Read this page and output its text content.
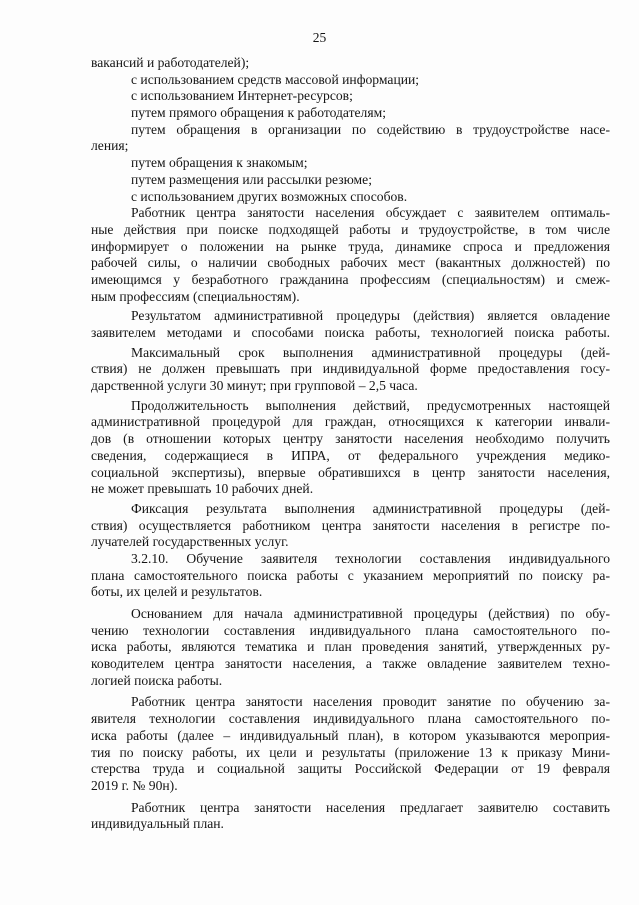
25
вакансий и работодателей);
с использованием средств массовой информации;
с использованием Интернет-ресурсов;
путем прямого обращения к работодателям;
путем обращения в организации по содействию в трудоустройстве насе-
ления;
путем обращения к знакомым;
путем размещения или рассылки резюме;
с использованием других возможных способов.
Работник центра занятости населения обсуждает с заявителем оптималь-
ные действия при поиске подходящей работы и трудоустройстве, в том числе
информирует о положении на рынке труда, динамике спроса и предложения
рабочей силы, о наличии свободных рабочих мест (вакантных должностей) по
имеющимся у безработного гражданина профессиям (специальностям) и смеж-
ным профессиям (специальностям).
Результатом административной процедуры (действия) является овладение
заявителем методами и способами поиска работы, технологией поиска работы.
Максимальный срок выполнения административной процедуры (дей-
ствия) не должен превышать при индивидуальной форме предоставления госу-
дарственной услуги 30 минут; при групповой – 2,5 часа.
Продолжительность выполнения действий, предусмотренных настоящей
административной процедурой для граждан, относящихся к категории инвали-
дов (в отношении которых центру занятости населения необходимо получить
сведения, содержащиеся в ИПРА, от федерального учреждения медико-
социальной экспертизы), впервые обратившихся в центр занятости населения,
не может превышать 10 рабочих дней.
Фиксация результата выполнения административной процедуры (дей-
ствия) осуществляется работником центра занятости населения в регистре по-
лучателей государственных услуг.
3.2.10. Обучение заявителя технологии составления индивидуального
плана самостоятельного поиска работы с указанием мероприятий по поиску ра-
боты, их целей и результатов.
Основанием для начала административной процедуры (действия) по обу-
чению технологии составления индивидуального плана самостоятельного по-
иска работы, являются тематика и план проведения занятий, утвержденных ру-
ководителем центра занятости населения, а также овладение заявителем техно-
логией поиска работы.
Работник центра занятости населения проводит занятие по обучению за-
явителя технологии составления индивидуального плана самостоятельного по-
иска работы (далее – индивидуальный план), в котором указываются мероприя-
тия по поиску работы, их цели и результаты (приложение 13 к приказу Мини-
стерства труда и социальной защиты Российской Федерации от 19 февраля
2019 г. № 90н).
Работник центра занятости населения предлагает заявителю составить
индивидуальный план.
